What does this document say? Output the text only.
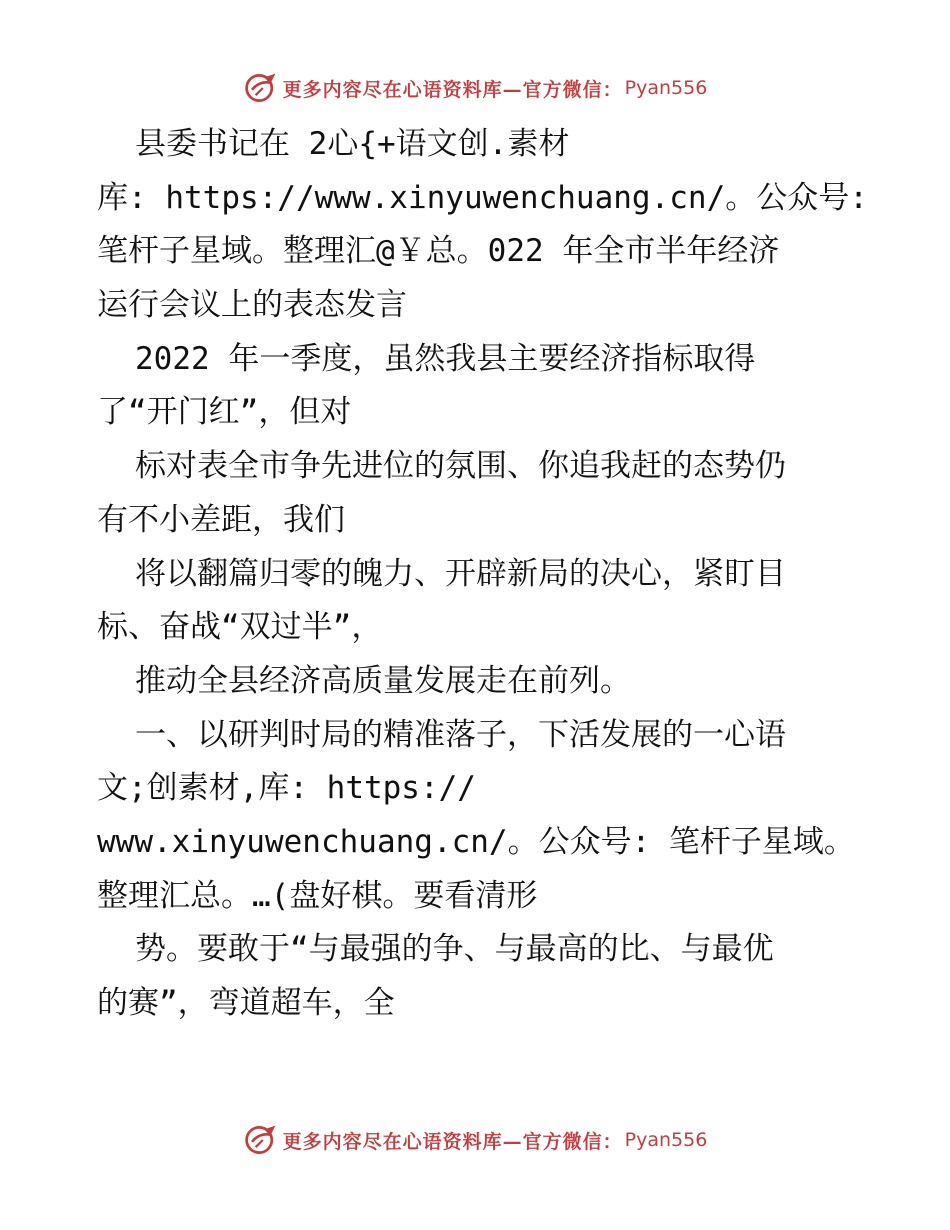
更多内容尽在心语资料库—官方微信： Pyan556
县委书记在 2心{+语文创.素材
库: https://www.xinyuwenchuang.cn/。公众号:
笔杆子星域。整理汇@￥总。022 年全市半年经济
运行会议上的表态发言
2022 年一季度，虽然我县主要经济指标取得
了“开门红”，但对
标对表全市争先进位的氛围、你追我赶的态势仍
有不小差距，我们
将以翻篇归零的魄力、开辟新局的决心，紧盯目
标、奋战“双过半”，
推动全县经济高质量发展走在前列。
一、以研判时局的精准落子，下活发展的一心语
文;创素材,库: https://
www.xinyuwenchuang.cn/。公众号: 笔杆子星域。
整理汇总。…(盘好棋。要看清形
势。要敢于“与最强的争、与最高的比、与最优
的赛”，弯道超车，全
更多内容尽在心语资料库—官方微信： Pyan556
